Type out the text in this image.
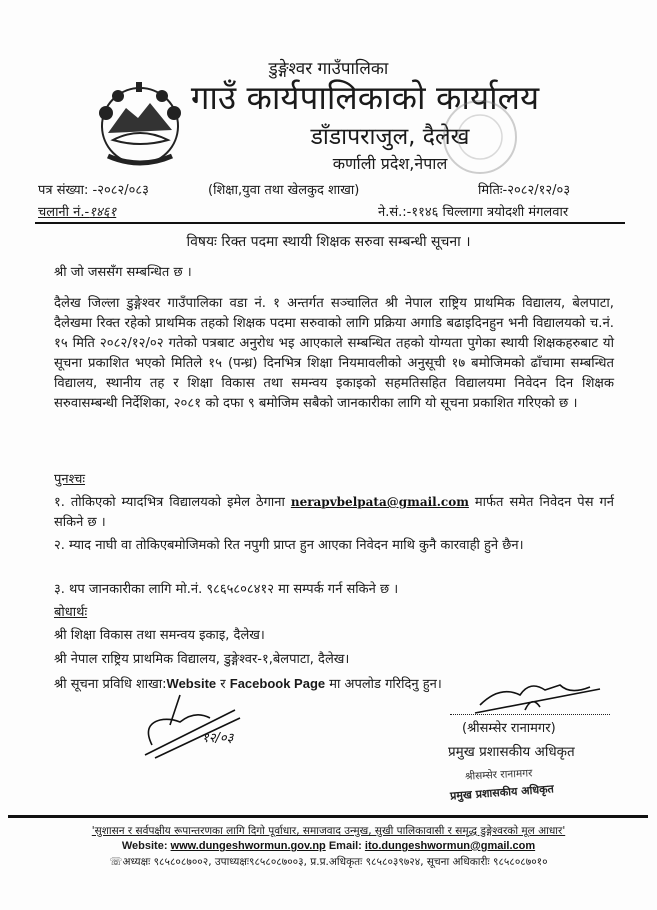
डुङ्गेश्वर गाउँपालिका
गाउँ कार्यपालिकाको कार्यालय
डाँडापराजुल, दैलेख
कर्णाली प्रदेश,नेपाल
पत्र संख्या: -२०८२/०८३	(शिक्षा,युवा तथा खेलकुद शाखा)	मितिः-२०८२/१२/०३
चलानी नं.-१४६१	ने.सं.:-११४६ चिल्लागा त्रयोदशी मंगलवार
विषयः रिक्त पदमा स्थायी शिक्षक सरुवा सम्बन्धी सूचना ।
श्री जो जससँग सम्बन्धित छ ।
दैलेख जिल्ला डुङ्गेश्वर गाउँपालिका वडा नं. १ अन्तर्गत सञ्चालित श्री नेपाल राष्ट्रिय प्राथमिक विद्यालय, बेलपाटा, दैलेखमा रिक्त रहेको प्राथमिक तहको शिक्षक पदमा सरुवाको लागि प्रक्रिया अगाडि बढाइदिनहुन भनी विद्यालयको च.नं. १५ मिति २०८२/१२/०२ गतेको पत्रबाट अनुरोध भइ आएकाले सम्बन्धित तहको योग्यता पुगेका स्थायी शिक्षकहरुबाट यो सूचना प्रकाशित भएको मितिले १५ (पन्ध्र) दिनभित्र शिक्षा नियमावलीको अनुसूची १७ बमोजिमको ढाँचामा सम्बन्धित विद्यालय, स्थानीय तह र शिक्षा विकास तथा समन्वय इकाइको सहमतिसहित विद्यालयमा निवेदन दिन शिक्षक सरुवासम्बन्धी निर्देशिका, २०८१ को दफा ९ बमोजिम सबैको जानकारीका लागि यो सूचना प्रकाशित गरिएको छ ।
पुनश्चः
१. तोकिएको म्यादभित्र विद्यालयको इमेल ठेगाना nerapvbelpata@gmail.com मार्फत समेत निवेदन पेस गर्न सकिने छ ।
२. म्याद नाघी वा तोकिएबमोजिमको रित नपुगी प्राप्त हुन आएका निवेदन माथि कुनै कारवाही हुने छैन।
३. थप जानकारीका लागि मो.नं. ९८६५८०८४१२ मा सम्पर्क गर्न सकिने छ ।
बोधार्थः
श्री शिक्षा विकास तथा समन्वय इकाइ, दैलेख।
श्री नेपाल राष्ट्रिय प्राथमिक विद्यालय, डुङ्गेश्वर-१,बेलपाटा, दैलेख।
श्री सूचना प्रविधि शाखा:Website र Facebook Page मा अपलोड गरिदिनु हुन।
१२/०३
(श्रीसम्सेर रानामगर)
प्रमुख प्रशासकीय अधिकृत
श्रीसम्सेर रानामगर
प्रमुख प्रशासकीय अधिकृत
'सुशासन र सर्वपक्षीय रूपान्तरणका लागि दिगो पूर्वाधार, समाजवाद उन्मुख, सुखी पालिकावासी र समृद्ध डुङ्गेश्वरको मूल आधार'
Website: www.dungeshwormun.gov.np Email: ito.dungeshwormun@gmail.com
☏अध्यक्षः ९८५८०८७००२, उपाध्यक्षः९८५८०८७००३, प्र.प्र.अधिकृतः ९८५८०३९७२४, सूचना अधिकारीः ९८५८०८७०१०
